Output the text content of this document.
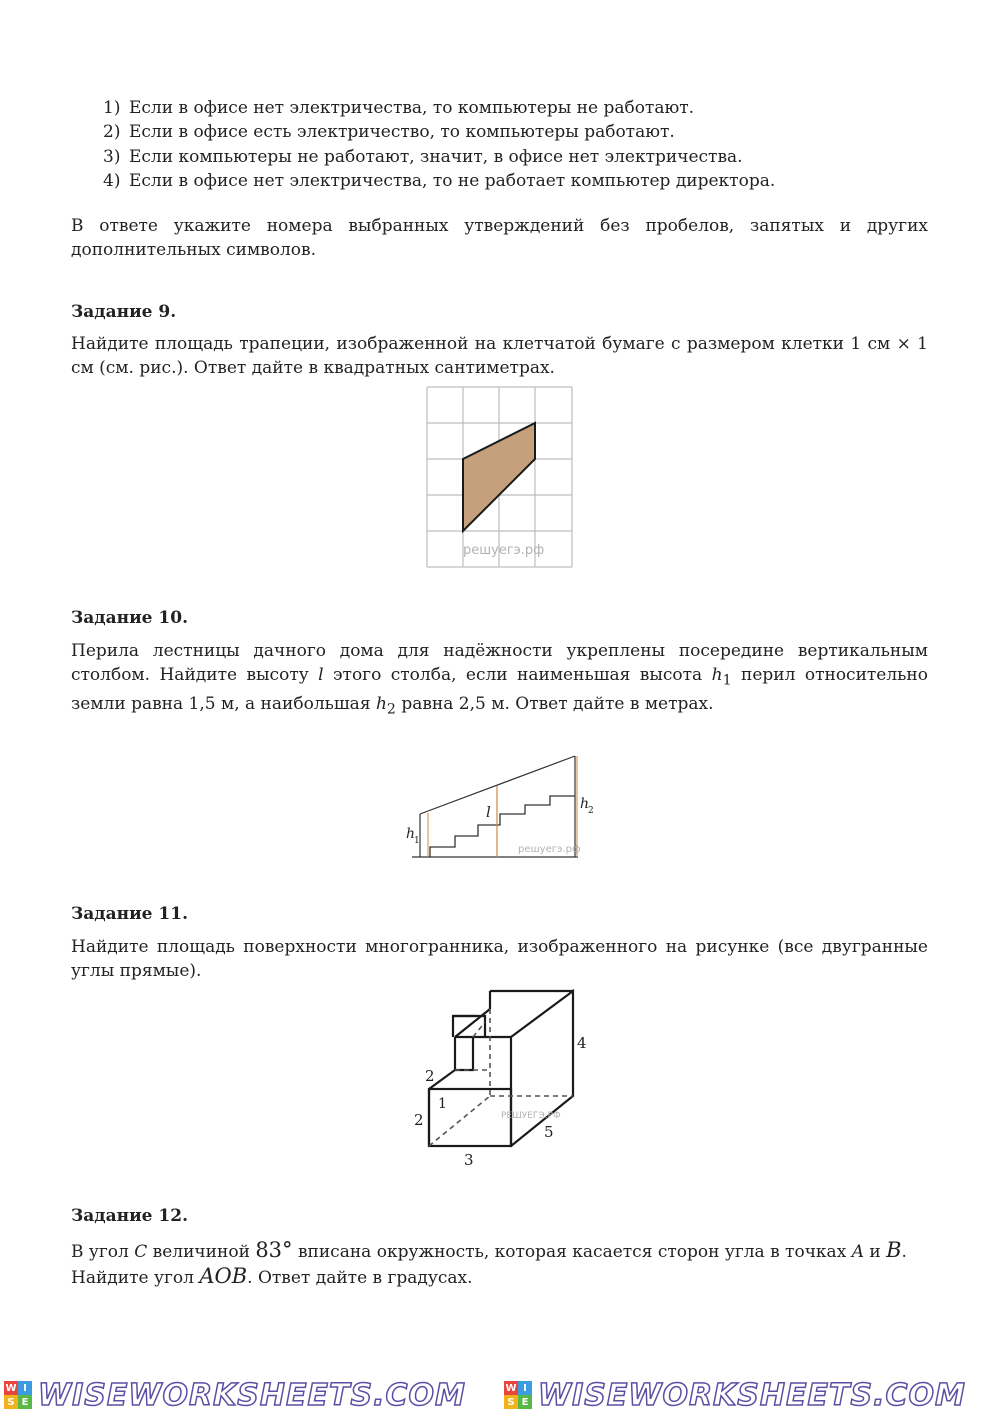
1) Если в офисе нет электричества, то компьютеры не работают.
2) Если в офисе есть электричество, то компьютеры работают.
3) Если компьютеры не работают, значит, в офисе нет электричества.
4) Если в офисе нет электричества, то не работает компьютер директора.
В ответе укажите номера выбранных утверждений без пробелов, запятых и других дополнительных символов.
Задание 9.
Найдите площадь трапеции, изображенной на клетчатой бумаге с размером клетки 1 см × 1 см (см. рис.). Ответ дайте в квадратных сантиметрах.
решуегэ.рф
Задание 10.
Перила лестницы дачного дома для надёжности укреплены посередине вертикальным столбом. Найдите высоту l этого столба, если наименьшая высота $h_1$ перил относительно земли равна 1,5 м, а наибольшая $h_2$ равна 2,5 м. Ответ дайте в метрах.
h
1
l	h
2
решуегэ.рф
Задание 11.
Найдите площадь поверхности многогранника, изображенного на рисунке (все двугранные углы прямые).
РЕШУЕГЭ.РФ
4
2
1
2
3
5
Задание 12.
В угол C величиной 83° вписана окружность, которая касается сторон угла в точках A и B.
Найдите угол AOB. Ответ дайте в градусах.
W I
S E WISEWORKSHEETS.COM	W I
S E WISEWORKSHEETS.COM
